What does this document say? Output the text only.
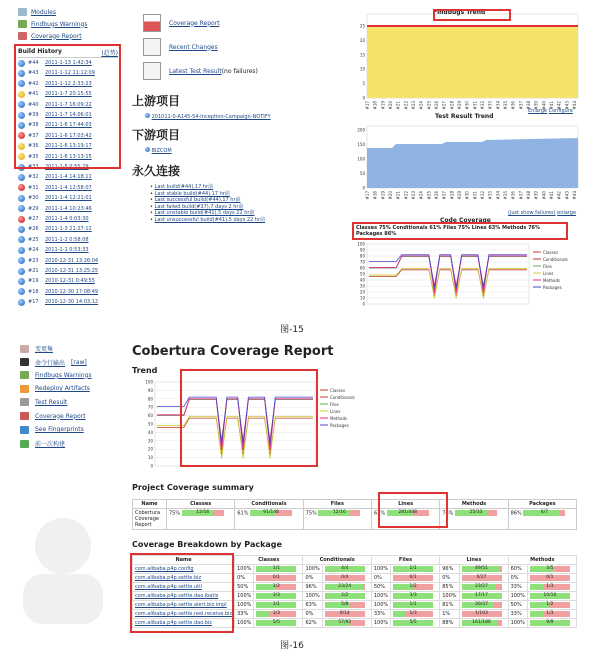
Modules
Findbugs Warnings
Coverage Report
Build History	(趋势)
#44	2011-1-13 1:42:34
#43	2011-1-12 11:12:09
#42	2011-1-12 2:33:23
#41	2011-1-7 20:15:55
#40	2011-1-7 16:09:22
#39	2011-1-7 14:06:01
#38	2011-1-6 17:44:03
#37	2011-1-6 17:03:42
#36	2011-1-6 13:19:17
#35	2011-1-6 13:13:15
#33	2011-1-5 0:55:29
#32	2011-1-4 14:18:11
#31	2011-1-4 12:58:07
#30	2011-1-4 12:21:01
#29	2011-1-4 10:23:46
#27	2011-1-4 0:03:30
#26	2011-1-3 21:27:12
#25	2011-1-2 0:58:08
#24	2011-1-1 0:53:33
#23	2010-12-31 13:26:04
#21	2010-12-31 13:25:25
#19	2010-12-31 0:49:55
#18	2010-12-30 17:08:49
#17	2010-12-30 14:03:12
Coverage Report
Recent Changes
Latest Test Result(no failures)
上游项目
201011-0-A145-54-Inception-Campaign-NOTIFY
下游项目
BIZCOM
永久连接
• Last build(#44),17 hr前
• Last stable build(#44),17 hr前
• Last successful build(#44),17 hr前
• Last failed build(#37),7 days 2 hr前
• Last unstable build(#41),5 days 22 hr前
• Last unsuccessful build(#41),5 days 22 hr前
0
5
10
15
20
25
#17 #18 #19 #20 #21 #22 #23 #24 #25 #26 #27 #28 #29 #30 #31 #32 #33 #34 #35 #36 #37 #38 #39 #40 #41 #42 #43 #44
Findbugs Trend
Enlarge Configure
Test Result Trend
0
50
100
150
200
#17 #18 #19 #20 #21 #22 #23 #24 #25 #26 #27 #28 #29 #30 #31 #32 #33 #34 #35 #36 #37 #38 #39 #40 #41 #42 #43 #44
(just show failures) enlarge
Code Coverage
Classes 75% Conditionals 61% Files 75% Lines 63% Methods 76%
Packages 86%
0
10
20
30
40
50
60
70
80
90
100
Classes
Conditionals
Files
Lines
Methods
Packages
图-15
变更集
命令行输出 [raw]
Findbugs Warnings
Redeploy Artifacts
Test Result
Coverage Report
See Fingerprints
前一次构建
Cobertura Coverage Report
Trend
0
10
20
30
40
50
60
70
80
90
100
Classes
Conditionals
Files
Lines
Methods
Packages
Project Coverage summary
Name	Classes	Conditionals	Files	Lines	Methods	Packages
Cobertura Coverage Report	75% 12/16	61% 91/148	75% 12/16	63% 281/448	76% 25/33	86% 6/7
Coverage Breakdown by Package
Name	Classes		Conditionals		Files		Lines		Methods	
com.alibaba.p4p.config	100%	1/1	100%	4/4	100%	1/1	96%	49/51	60%	3/5

com.alibaba.p4p.settle.biz	0%	0/1	0%	0/4	0%	0/1	0%	0/27	0%	0/1

com.alibaba.p4p.settle.util	50%	1/2	96%	23/24	50%	1/2	85%	23/27	33%	1/3

com.alibaba.p4p.settle.dao.ibatis	100%	3/3	100%	2/2	100%	3/3	100%	17/17	100%	10/10

com.alibaba.p4p.settle.alert.biz.impl	100%	1/1	63%	5/8	100%	1/1	81%	30/37	50%	1/2

com.alibaba.p4p.settle.reel.receive.biz	33%	1/3	0%	0/14	33%	1/3	1%	1/103	33%	1/3

com.alibaba.p4p.settle.dao.biz	100%	5/5	62%	57/92	100%	5/5	88%	161/186	100%	9/9
图-16
